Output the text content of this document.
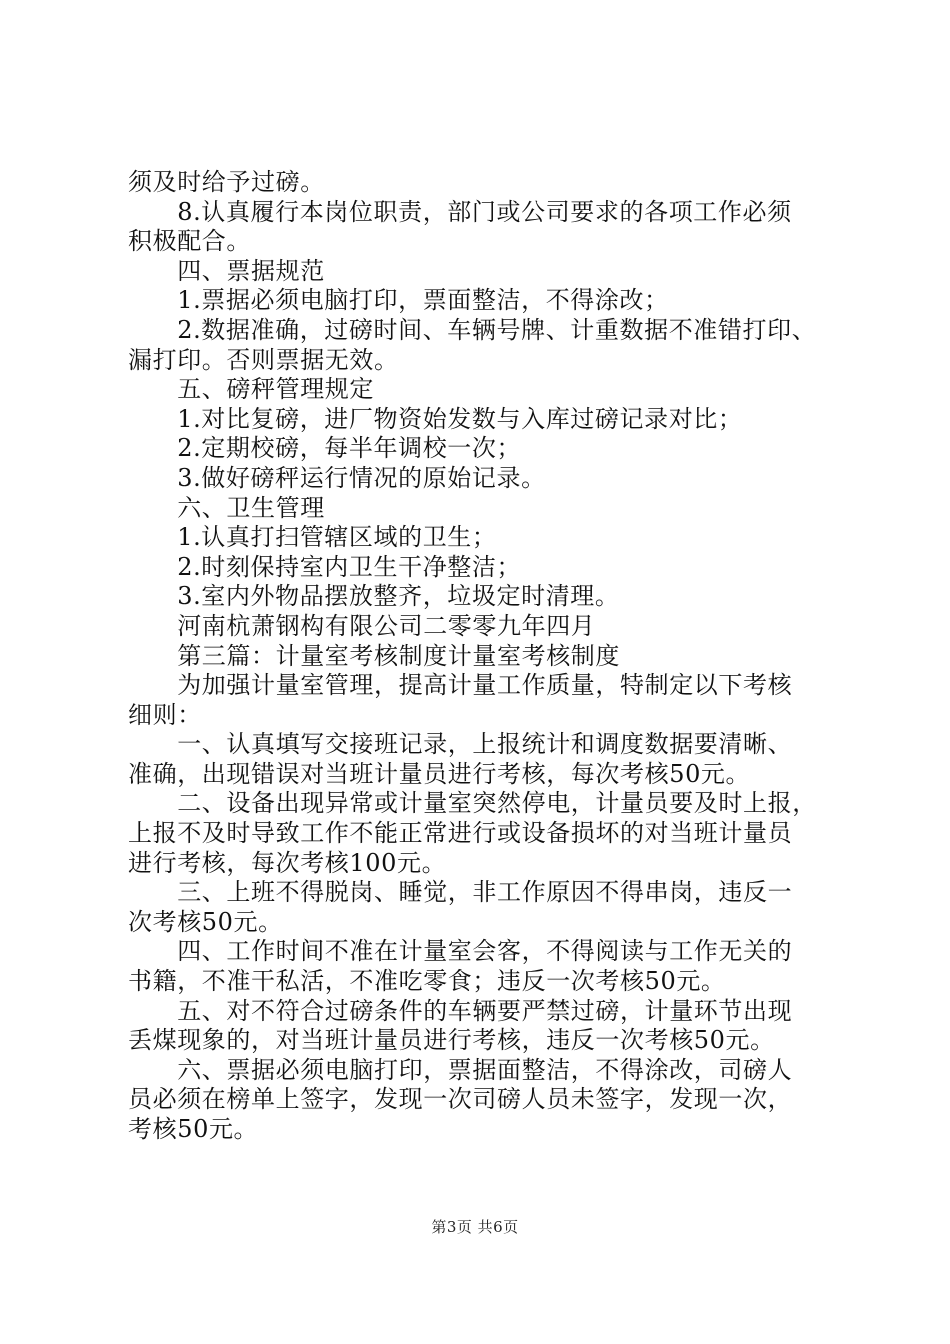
须及时给予过磅。
　　8.认真履行本岗位职责，部门或公司要求的各项工作必须
积极配合。
　　四、票据规范
　　1.票据必须电脑打印，票面整洁，不得涂改；
　　2.数据准确，过磅时间、车辆号牌、计重数据不准错打印、
漏打印。否则票据无效。
　　五、磅秤管理规定
　　1.对比复磅，进厂物资始发数与入库过磅记录对比；
　　2.定期校磅，每半年调校一次；
　　3.做好磅秤运行情况的原始记录。
　　六、卫生管理
　　1.认真打扫管辖区域的卫生；
　　2.时刻保持室内卫生干净整洁；
　　3.室内外物品摆放整齐，垃圾定时清理。
　　河南杭萧钢构有限公司二零零九年四月
　　第三篇：计量室考核制度计量室考核制度
　　为加强计量室管理，提高计量工作质量，特制定以下考核
细则：
　　一、认真填写交接班记录，上报统计和调度数据要清晰、
准确，出现错误对当班计量员进行考核，每次考核50元。
　　二、设备出现异常或计量室突然停电，计量员要及时上报，
上报不及时导致工作不能正常进行或设备损坏的对当班计量员
进行考核，每次考核100元。
　　三、上班不得脱岗、睡觉，非工作原因不得串岗，违反一
次考核50元。
　　四、工作时间不准在计量室会客，不得阅读与工作无关的
书籍，不准干私活，不准吃零食；违反一次考核50元。
　　五、对不符合过磅条件的车辆要严禁过磅，计量环节出现
丢煤现象的，对当班计量员进行考核，违反一次考核50元。
　　六、票据必须电脑打印，票据面整洁，不得涂改，司磅人
员必须在榜单上签字，发现一次司磅人员未签字，发现一次，
考核50元。
第3页 共6页
